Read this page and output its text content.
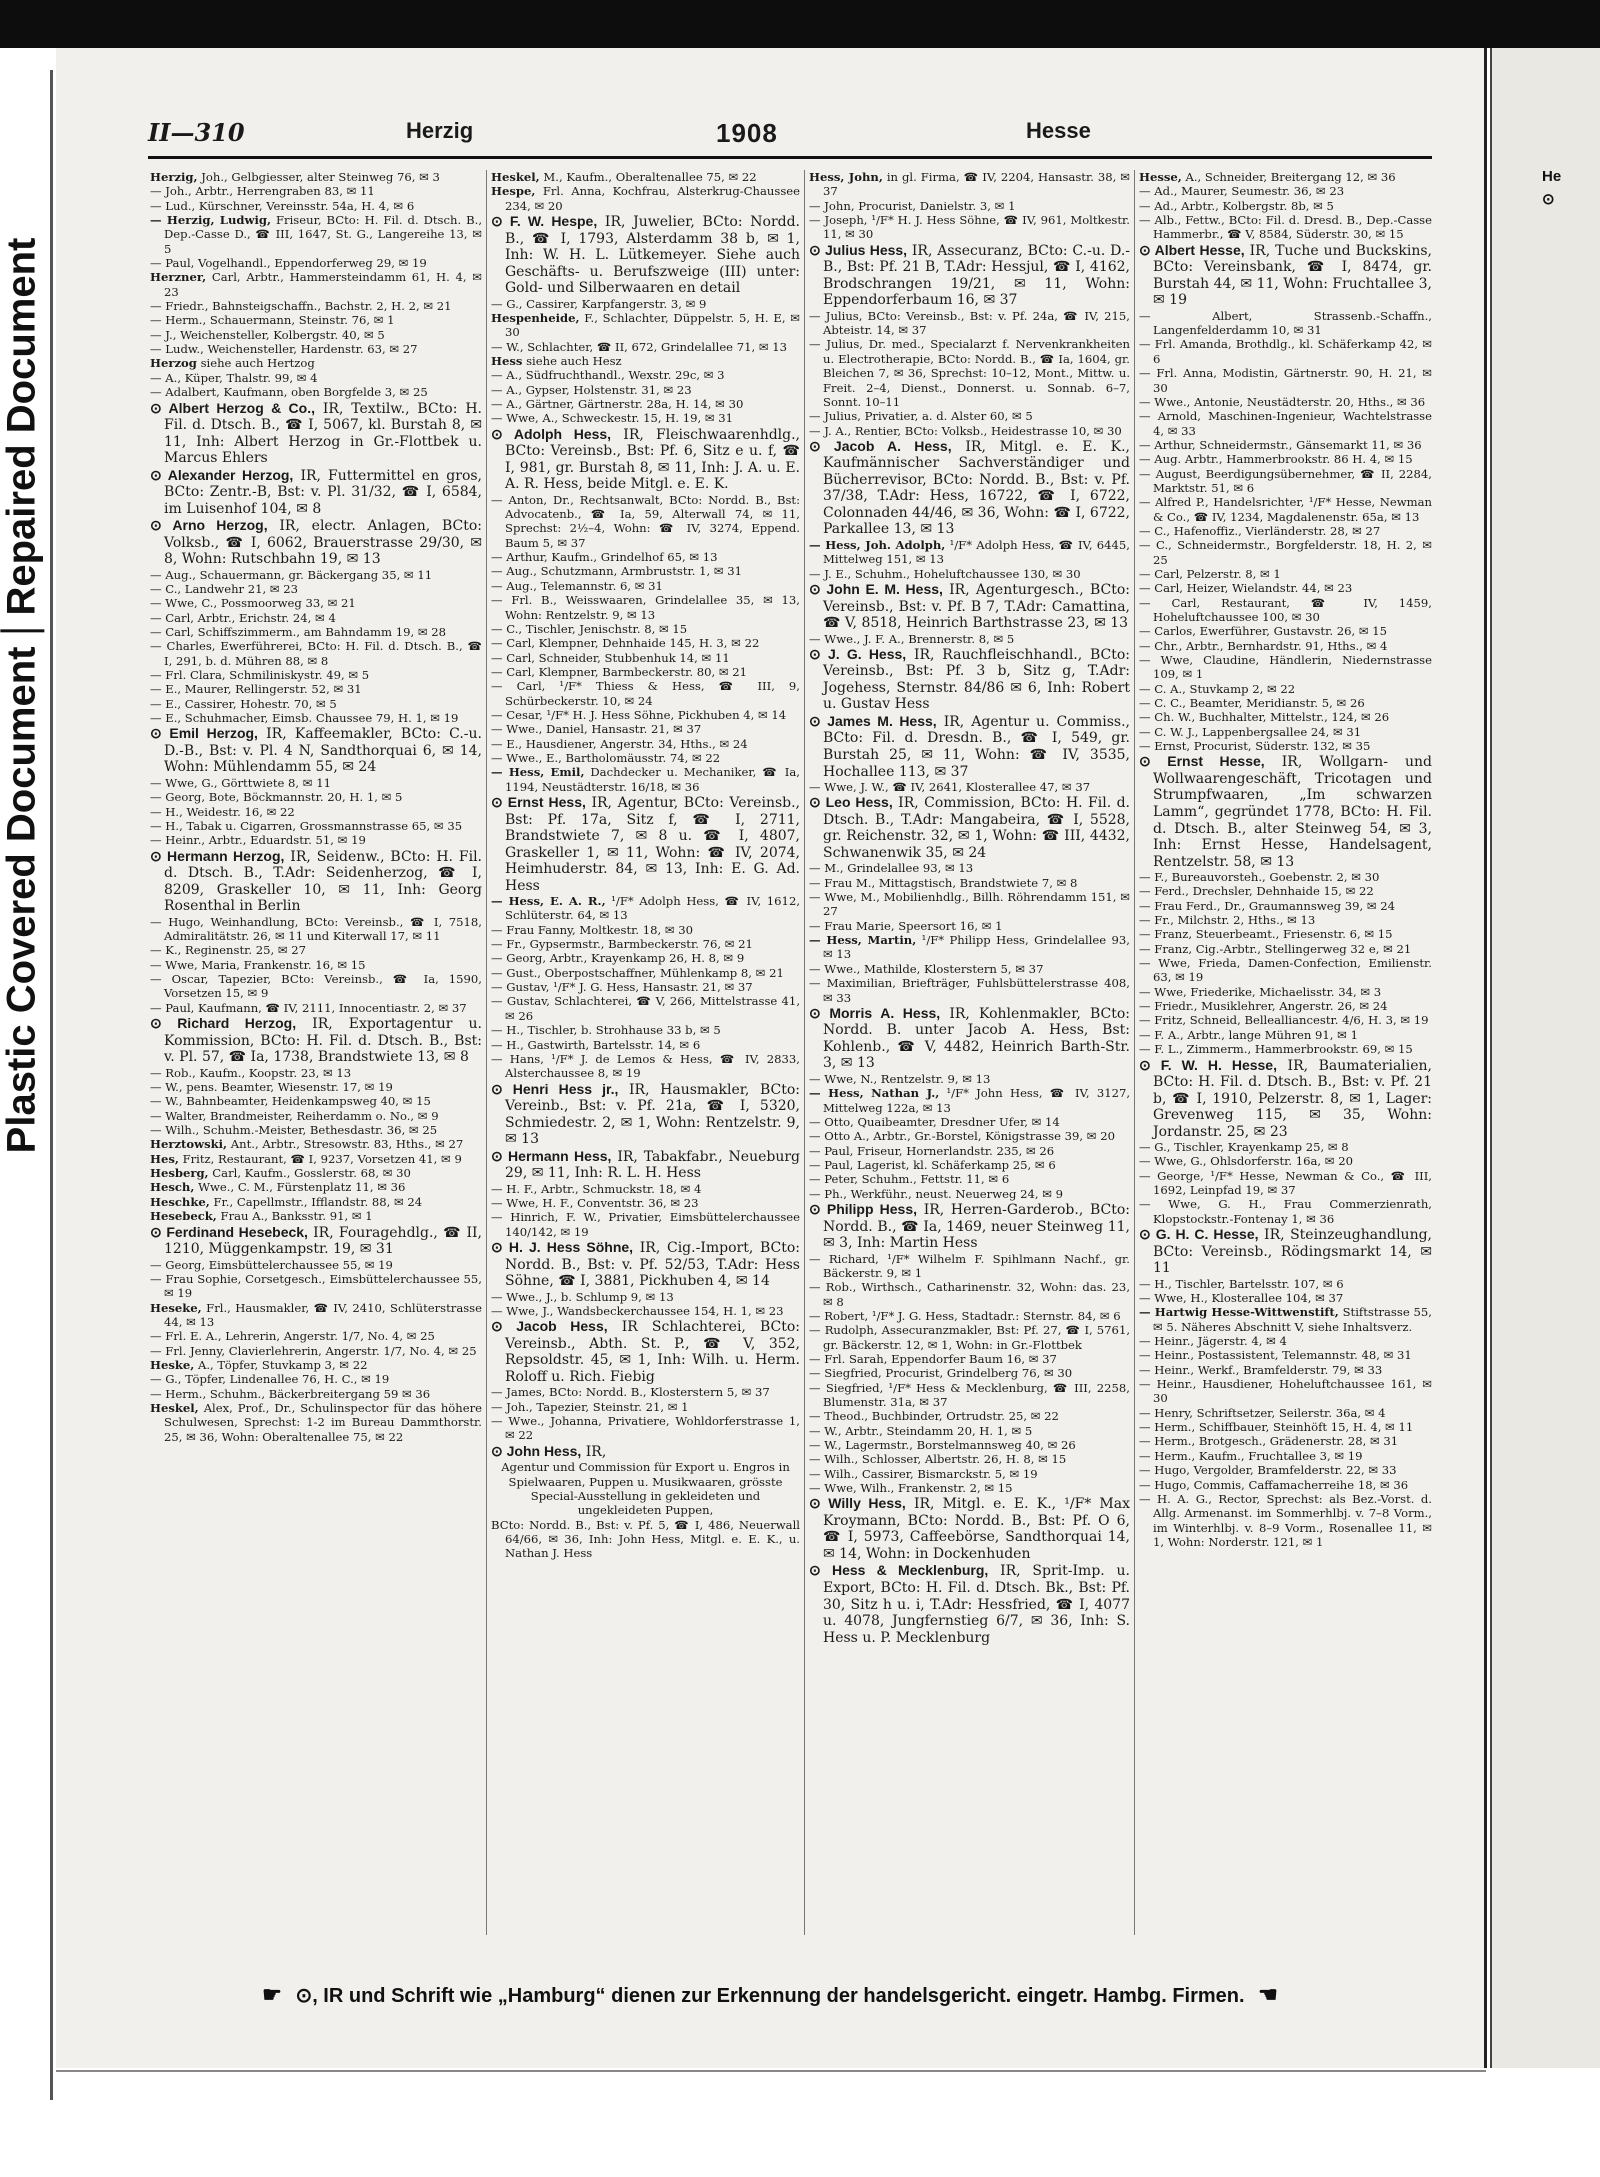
Plastic Covered Document
Repaired Document
II—310	Herzig	1908	Hesse

Herzig, Joh., Gelbgiesser, alter Steinweg 76, ✉ 3

— Joh., Arbtr., Herrengraben 83, ✉ 11

— Lud., Kürschner, Vereinsstr. 54a, H. 4, ✉ 6

— Herzig, Ludwig, Friseur, BCto: H. Fil. d. Dtsch. B., Dep.-Casse D., ☎ III, 1647, St. G., Langereihe 13, ✉ 5

— Paul, Vogelhandl., Eppendorferweg 29, ✉ 19

Herzner, Carl, Arbtr., Hammersteindamm 61, H. 4, ✉ 23

— Friedr., Bahnsteigschaffn., Bachstr. 2, H. 2, ✉ 21

— Herm., Schauermann, Steinstr. 76, ✉ 1

— J., Weichensteller, Kolbergstr. 40, ✉ 5

— Ludw., Weichensteller, Hardenstr. 63, ✉ 27

Herzog siehe auch Hertzog

— A., Küper, Thalstr. 99, ✉ 4

— Adalbert, Kaufmann, oben Borgfelde 3, ✉ 25

⊙ Albert Herzog & Co., IR, Textilw., BCto: H. Fil. d. Dtsch. B., ☎ I, 5067, kl. Burstah 8, ✉ 11, Inh: Albert Herzog in Gr.-Flottbek u. Marcus Ehlers

⊙ Alexander Herzog, IR, Futtermittel en gros, BCto: Zentr.-B, Bst: v. Pl. 31/32, ☎ I, 6584, im Luisenhof 104, ✉ 8

⊙ Arno Herzog, IR, electr. Anlagen, BCto: Volksb., ☎ I, 6062, Brauerstrasse 29/30, ✉ 8, Wohn: Rutschbahn 19, ✉ 13

— Aug., Schauermann, gr. Bäckergang 35, ✉ 11

— C., Landwehr 21, ✉ 23

— Wwe, C., Possmoorweg 33, ✉ 21

— Carl, Arbtr., Erichstr. 24, ✉ 4

— Carl, Schiffszimmerm., am Bahndamm 19, ✉ 28

— Charles, Ewerführerei, BCto: H. Fil. d. Dtsch. B., ☎ I, 291, b. d. Mühren 88, ✉ 8

— Frl. Clara, Schmiliniskystr. 49, ✉ 5

— E., Maurer, Rellingerstr. 52, ✉ 31

— E., Cassirer, Hohestr. 70, ✉ 5

— E., Schuhmacher, Eimsb. Chaussee 79, H. 1, ✉ 19

⊙ Emil Herzog, IR, Kaffeemakler, BCto: C.-u. D.-B., Bst: v. Pl. 4 N, Sandthorquai 6, ✉ 14, Wohn: Mühlendamm 55, ✉ 24

— Wwe, G., Görttwiete 8, ✉ 11

— Georg, Bote, Böckmannstr. 20, H. 1, ✉ 5

— H., Weidestr. 16, ✉ 22

— H., Tabak u. Cigarren, Grossmannstrasse 65, ✉ 35

— Heinr., Arbtr., Eduardstr. 51, ✉ 19

⊙ Hermann Herzog, IR, Seidenw., BCto: H. Fil. d. Dtsch. B., T.Adr: Seidenherzog, ☎ I, 8209, Graskeller 10, ✉ 11, Inh: Georg Rosenthal in Berlin

— Hugo, Weinhandlung, BCto: Vereinsb., ☎ I, 7518, Admiralitätstr. 26, ✉ 11 und Kiterwall 17, ✉ 11

— K., Reginenstr. 25, ✉ 27

— Wwe, Maria, Frankenstr. 16, ✉ 15

— Oscar, Tapezier, BCto: Vereinsb., ☎ Ia, 1590, Vorsetzen 15, ✉ 9

— Paul, Kaufmann, ☎ IV, 2111, Innocentiastr. 2, ✉ 37

⊙ Richard Herzog, IR, Exportagentur u. Kommission, BCto: H. Fil. d. Dtsch. B., Bst: v. Pl. 57, ☎ Ia, 1738, Brandstwiete 13, ✉ 8

— Rob., Kaufm., Koopstr. 23, ✉ 13

— W., pens. Beamter, Wiesenstr. 17, ✉ 19

— W., Bahnbeamter, Heidenkampsweg 40, ✉ 15

— Walter, Brandmeister, Reiherdamm o. No., ✉ 9

— Wilh., Schuhm.-Meister, Bethesdastr. 36, ✉ 25

Herztowski, Ant., Arbtr., Stresowstr. 83, Hths., ✉ 27

Hes, Fritz, Restaurant, ☎ I, 9237, Vorsetzen 41, ✉ 9

Hesberg, Carl, Kaufm., Gosslerstr. 68, ✉ 30

Hesch, Wwe., C. M., Fürstenplatz 11, ✉ 36

Heschke, Fr., Capellmstr., Ifflandstr. 88, ✉ 24

Hesebeck, Frau A., Banksstr. 91, ✉ 1

⊙ Ferdinand Hesebeck, IR, Fouragehdlg., ☎ II, 1210, Müggenkampstr. 19, ✉ 31

— Georg, Eimsbüttelerchaussee 55, ✉ 19

— Frau Sophie, Corsetgesch., Eimsbüttelerchaussee 55, ✉ 19

Heseke, Frl., Hausmakler, ☎ IV, 2410, Schlüterstrasse 44, ✉ 13

— Frl. E. A., Lehrerin, Angerstr. 1/7, No. 4, ✉ 25

— Frl. Jenny, Clavierlehrerin, Angerstr. 1/7, No. 4, ✉ 25

Heske, A., Töpfer, Stuvkamp 3, ✉ 22

— G., Töpfer, Lindenallee 76, H. C., ✉ 19

— Herm., Schuhm., Bäckerbreitergang 59 ✉ 36

Heskel, Alex, Prof., Dr., Schulinspector für das höhere Schulwesen, Sprechst: 1-2 im Bureau Dammthorstr. 25, ✉ 36, Wohn: Oberaltenallee 75, ✉ 22

Heskel, M., Kaufm., Oberaltenallee 75, ✉ 22

Hespe, Frl. Anna, Kochfrau, Alsterkrug-Chaussee 234, ✉ 20

⊙ F. W. Hespe, IR, Juwelier, BCto: Nordd. B., ☎ I, 1793, Alsterdamm 38 b, ✉ 1, Inh: W. H. L. Lütkemeyer. Siehe auch Geschäfts- u. Berufszweige (III) unter: Gold- und Silberwaaren en detail

— G., Cassirer, Karpfangerstr. 3, ✉ 9

Hespenheide, F., Schlachter, Düppelstr. 5, H. E, ✉ 30

— W., Schlachter, ☎ II, 672, Grindelallee 71, ✉ 13

Hess siehe auch Hesz

— A., Südfruchthandl., Wexstr. 29c, ✉ 3

— A., Gypser, Holstenstr. 31, ✉ 23

— A., Gärtner, Gärtnerstr. 28a, H. 14, ✉ 30

— Wwe, A., Schweckestr. 15, H. 19, ✉ 31

⊙ Adolph Hess, IR, Fleischwaarenhdlg., BCto: Vereinsb., Bst: Pf. 6, Sitz e u. f, ☎ I, 981, gr. Burstah 8, ✉ 11, Inh: J. A. u. E. A. R. Hess, beide Mitgl. e. E. K.

— Anton, Dr., Rechtsanwalt, BCto: Nordd. B., Bst: Advocatenb., ☎ Ia, 59, Alterwall 74, ✉ 11, Sprechst: 2½–4, Wohn: ☎ IV, 3274, Eppend. Baum 5, ✉ 37

— Arthur, Kaufm., Grindelhof 65, ✉ 13

— Aug., Schutzmann, Armbruststr. 1, ✉ 31

— Aug., Telemannstr. 6, ✉ 31

— Frl. B., Weisswaaren, Grindelallee 35, ✉ 13, Wohn: Rentzelstr. 9, ✉ 13

— C., Tischler, Jenischstr. 8, ✉ 15

— Carl, Klempner, Dehnhaide 145, H. 3, ✉ 22

— Carl, Schneider, Stubbenhuk 14, ✉ 11

— Carl, Klempner, Barmbeckerstr. 80, ✉ 21

— Carl, ¹/F* Thiess & Hess, ☎ III, 9, Schürbeckerstr. 10, ✉ 24

— Cesar, ¹/F* H. J. Hess Söhne, Pickhuben 4, ✉ 14

— Wwe., Daniel, Hansastr. 21, ✉ 37

— E., Hausdiener, Angerstr. 34, Hths., ✉ 24

— Wwe., E., Bartholomäusstr. 74, ✉ 22

— Hess, Emil, Dachdecker u. Mechaniker, ☎ Ia, 1194, Neustädterstr. 16/18, ✉ 36

⊙ Ernst Hess, IR, Agentur, BCto: Vereinsb., Bst: Pf. 17a, Sitz f, ☎ I, 2711, Brandstwiete 7, ✉ 8 u. ☎ I, 4807, Graskeller 1, ✉ 11, Wohn: ☎ IV, 2074, Heimhuderstr. 84, ✉ 13, Inh: E. G. Ad. Hess

— Hess, E. A. R., ¹/F* Adolph Hess, ☎ IV, 1612, Schlüterstr. 64, ✉ 13

— Frau Fanny, Moltkestr. 18, ✉ 30

— Fr., Gypsermstr., Barmbeckerstr. 76, ✉ 21

— Georg, Arbtr., Krayenkamp 26, H. 8, ✉ 9

— Gust., Oberpostschaffner, Mühlenkamp 8, ✉ 21

— Gustav, ¹/F* J. G. Hess, Hansastr. 21, ✉ 37

— Gustav, Schlachterei, ☎ V, 266, Mittelstrasse 41, ✉ 26

— H., Tischler, b. Strohhause 33 b, ✉ 5

— H., Gastwirth, Bartelsstr. 14, ✉ 6

— Hans, ¹/F* J. de Lemos & Hess, ☎ IV, 2833, Alsterchaussee 8, ✉ 19

⊙ Henri Hess jr., IR, Hausmakler, BCto: Vereinb., Bst: v. Pf. 21a, ☎ I, 5320, Schmiedestr. 2, ✉ 1, Wohn: Rentzelstr. 9, ✉ 13

⊙ Hermann Hess, IR, Tabakfabr., Neueburg 29, ✉ 11, Inh: R. L. H. Hess

— H. F., Arbtr., Schmuckstr. 18, ✉ 4

— Wwe, H. F., Conventstr. 36, ✉ 23

— Hinrich, F. W., Privatier, Eimsbüttelerchaussee 140/142, ✉ 19

⊙ H. J. Hess Söhne, IR, Cig.-Import, BCto: Nordd. B., Bst: v. Pf. 52/53, T.Adr: Hess Söhne, ☎ I, 3881, Pickhuben 4, ✉ 14

— Wwe., J., b. Schlump 9, ✉ 13

— Wwe, J., Wandsbeckerchaussee 154, H. 1, ✉ 23

⊙ Jacob Hess, IR Schlachterei, BCto: Vereinsb., Abth. St. P., ☎ V, 352, Repsoldstr. 45, ✉ 1, Inh: Wilh. u. Herm. Roloff u. Rich. Fiebig

— James, BCto: Nordd. B., Klosterstern 5, ✉ 37

— Joh., Tapezier, Steinstr. 21, ✉ 1

— Wwe., Johanna, Privatiere, Wohldorferstrasse 1, ✉ 22

⊙ John Hess, IR,

Agentur und Commission für Export u. Engros in Spielwaaren, Puppen u. Musikwaaren, grösste Special-Ausstellung in gekleideten und ungekleideten Puppen,

BCto: Nordd. B., Bst: v. Pf. 5, ☎ I, 486, Neuerwall 64/66, ✉ 36, Inh: John Hess, Mitgl. e. E. K., u. Nathan J. Hess

Hess, John, in gl. Firma, ☎ IV, 2204, Hansastr. 38, ✉ 37

— John, Procurist, Danielstr. 3, ✉ 1

— Joseph, ¹/F* H. J. Hess Söhne, ☎ IV, 961, Moltkestr. 11, ✉ 30

⊙ Julius Hess, IR, Assecuranz, BCto: C.-u. D.-B., Bst: Pf. 21 B, T.Adr: Hessjul, ☎ I, 4162, Brodschrangen 19/21, ✉ 11, Wohn: Eppendorferbaum 16, ✉ 37

— Julius, BCto: Vereinsb., Bst: v. Pf. 24a, ☎ IV, 215, Abteistr. 14, ✉ 37

— Julius, Dr. med., Specialarzt f. Nervenkrankheiten u. Electrotherapie, BCto: Nordd. B., ☎ Ia, 1604, gr. Bleichen 7, ✉ 36, Sprechst: 10–12, Mont., Mittw. u. Freit. 2–4, Dienst., Donnerst. u. Sonnab. 6–7, Sonnt. 10–11

— Julius, Privatier, a. d. Alster 60, ✉ 5

— J. A., Rentier, BCto: Volksb., Heidestrasse 10, ✉ 30

⊙ Jacob A. Hess, IR, Mitgl. e. E. K., Kaufmännischer Sachverständiger und Bücherrevisor, BCto: Nordd. B., Bst: v. Pf. 37/38, T.Adr: Hess, 16722, ☎ I, 6722, Colonnaden 44/46, ✉ 36, Wohn: ☎ I, 6722, Parkallee 13, ✉ 13

— Hess, Joh. Adolph, ¹/F* Adolph Hess, ☎ IV, 6445, Mittelweg 151, ✉ 13

— J. E., Schuhm., Hoheluftchaussee 130, ✉ 30

⊙ John E. M. Hess, IR, Agenturgesch., BCto: Vereinsb., Bst: v. Pf. B 7, T.Adr: Camattina, ☎ V, 8518, Heinrich Barthstrasse 23, ✉ 13

— Wwe., J. F. A., Brennerstr. 8, ✉ 5

⊙ J. G. Hess, IR, Rauchfleischhandl., BCto: Vereinsb., Bst: Pf. 3 b, Sitz g, T.Adr: Jogehess, Sternstr. 84/86 ✉ 6, Inh: Robert u. Gustav Hess

⊙ James M. Hess, IR, Agentur u. Commiss., BCto: Fil. d. Dresdn. B., ☎ I, 549, gr. Burstah 25, ✉ 11, Wohn: ☎ IV, 3535, Hochallee 113, ✉ 37

— Wwe, J. W., ☎ IV, 2641, Klosterallee 47, ✉ 37

⊙ Leo Hess, IR, Commission, BCto: H. Fil. d. Dtsch. B., T.Adr: Mangabeira, ☎ I, 5528, gr. Reichenstr. 32, ✉ 1, Wohn: ☎ III, 4432, Schwanenwik 35, ✉ 24

— M., Grindelallee 93, ✉ 13

— Frau M., Mittagstisch, Brandstwiete 7, ✉ 8

— Wwe, M., Mobilienhdlg., Billh. Röhrendamm 151, ✉ 27

— Frau Marie, Speersort 16, ✉ 1

— Hess, Martin, ¹/F* Philipp Hess, Grindelallee 93, ✉ 13

— Wwe., Mathilde, Klosterstern 5, ✉ 37

— Maximilian, Briefträger, Fuhlsbüttelerstrasse 408, ✉ 33

⊙ Morris A. Hess, IR, Kohlenmakler, BCto: Nordd. B. unter Jacob A. Hess, Bst: Kohlenb., ☎ V, 4482, Heinrich Barth-Str. 3, ✉ 13

— Wwe, N., Rentzelstr. 9, ✉ 13

— Hess, Nathan J., ¹/F* John Hess, ☎ IV, 3127, Mittelweg 122a, ✉ 13

— Otto, Quaibeamter, Dresdner Ufer, ✉ 14

— Otto A., Arbtr., Gr.-Borstel, Königstrasse 39, ✉ 20

— Paul, Friseur, Hornerlandstr. 235, ✉ 26

— Paul, Lagerist, kl. Schäferkamp 25, ✉ 6

— Peter, Schuhm., Fettstr. 11, ✉ 6

— Ph., Werkführ., neust. Neuerweg 24, ✉ 9

⊙ Philipp Hess, IR, Herren-Garderob., BCto: Nordd. B., ☎ Ia, 1469, neuer Steinweg 11, ✉ 3, Inh: Martin Hess

— Richard, ¹/F* Wilhelm F. Spihlmann Nachf., gr. Bäckerstr. 9, ✉ 1

— Rob., Wirthsch., Catharinenstr. 32, Wohn: das. 23, ✉ 8

— Robert, ¹/F* J. G. Hess, Stadtadr.: Sternstr. 84, ✉ 6

— Rudolph, Assecuranzmakler, Bst: Pf. 27, ☎ I, 5761, gr. Bäckerstr. 12, ✉ 1, Wohn: in Gr.-Flottbek

— Frl. Sarah, Eppendorfer Baum 16, ✉ 37

— Siegfried, Procurist, Grindelberg 76, ✉ 30

— Siegfried, ¹/F* Hess & Mecklenburg, ☎ III, 2258, Blumenstr. 31a, ✉ 37

— Theod., Buchbinder, Ortrudstr. 25, ✉ 22

— W., Arbtr., Steindamm 20, H. 1, ✉ 5

— W., Lagermstr., Borstelmannsweg 40, ✉ 26

— Wilh., Schlosser, Albertstr. 26, H. 8, ✉ 15

— Wilh., Cassirer, Bismarckstr. 5, ✉ 19

— Wwe, Wilh., Frankenstr. 2, ✉ 15

⊙ Willy Hess, IR, Mitgl. e. E. K., ¹/F* Max Kroymann, BCto: Nordd. B., Bst: Pf. O 6, ☎ I, 5973, Caffeebörse, Sandthorquai 14, ✉ 14, Wohn: in Dockenhuden

⊙ Hess & Mecklenburg, IR, Sprit-Imp. u. Export, BCto: H. Fil. d. Dtsch. Bk., Bst: Pf. 30, Sitz h u. i, T.Adr: Hessfried, ☎ I, 4077 u. 4078, Jungfernstieg 6/7, ✉ 36, Inh: S. Hess u. P. Mecklenburg

Hesse, A., Schneider, Breitergang 12, ✉ 36

— Ad., Maurer, Seumestr. 36, ✉ 23

— Ad., Arbtr., Kolbergstr. 8b, ✉ 5

— Alb., Fettw., BCto: Fil. d. Dresd. B., Dep.-Casse Hammerbr., ☎ V, 8584, Süderstr. 30, ✉ 15

⊙ Albert Hesse, IR, Tuche und Buckskins, BCto: Vereinsbank, ☎ I, 8474, gr. Burstah 44, ✉ 11, Wohn: Fruchtallee 3, ✉ 19

— Albert, Strassenb.-Schaffn., Langenfelderdamm 10, ✉ 31

— Frl. Amanda, Brothdlg., kl. Schäferkamp 42, ✉ 6

— Frl. Anna, Modistin, Gärtnerstr. 90, H. 21, ✉ 30

— Wwe., Antonie, Neustädterstr. 20, Hths., ✉ 36

— Arnold, Maschinen-Ingenieur, Wachtelstrasse 4, ✉ 33

— Arthur, Schneidermstr., Gänsemarkt 11, ✉ 36

— Aug. Arbtr., Hammerbrookstr. 86 H. 4, ✉ 15

— August, Beerdigungsübernehmer, ☎ II, 2284, Marktstr. 51, ✉ 6

— Alfred P., Handelsrichter, ¹/F* Hesse, Newman & Co., ☎ IV, 1234, Magdalenenstr. 65a, ✉ 13

— C., Hafenoffiz., Vierländerstr. 28, ✉ 27

— C., Schneidermstr., Borgfelderstr. 18, H. 2, ✉ 25

— Carl, Pelzerstr. 8, ✉ 1

— Carl, Heizer, Wielandstr. 44, ✉ 23

— Carl, Restaurant, ☎ IV, 1459, Hoheluftchaussee 100, ✉ 30

— Carlos, Ewerführer, Gustavstr. 26, ✉ 15

— Chr., Arbtr., Bernhardstr. 91, Hths., ✉ 4

— Wwe, Claudine, Händlerin, Niedernstrasse 109, ✉ 1

— C. A., Stuvkamp 2, ✉ 22

— C. C., Beamter, Meridianstr. 5, ✉ 26

— Ch. W., Buchhalter, Mittelstr., 124, ✉ 26

— C. W. J., Lappenbergsallee 24, ✉ 31

— Ernst, Procurist, Süderstr. 132, ✉ 35

⊙ Ernst Hesse, IR, Wollgarn- und Wollwaarengeschäft, Tricotagen und Strumpfwaaren, „Im schwarzen Lamm“, gegründet 1778, BCto: H. Fil. d. Dtsch. B., alter Steinweg 54, ✉ 3, Inh: Ernst Hesse, Handelsagent, Rentzelstr. 58, ✉ 13

— F., Bureauvorsteh., Goebenstr. 2, ✉ 30

— Ferd., Drechsler, Dehnhaide 15, ✉ 22

— Frau Ferd., Dr., Graumannsweg 39, ✉ 24

— Fr., Milchstr. 2, Hths., ✉ 13

— Franz, Steuerbeamt., Friesenstr. 6, ✉ 15

— Franz, Cig.-Arbtr., Stellingerweg 32 e, ✉ 21

— Wwe, Frieda, Damen-Confection, Emilienstr. 63, ✉ 19

— Wwe, Friederike, Michaelisstr. 34, ✉ 3

— Friedr., Musiklehrer, Angerstr. 26, ✉ 24

— Fritz, Schneid, Bellealliancestr. 4/6, H. 3, ✉ 19

— F. A., Arbtr., lange Mühren 91, ✉ 1

— F. L., Zimmerm., Hammerbrookstr. 69, ✉ 15

⊙ F. W. H. Hesse, IR, Baumaterialien, BCto: H. Fil. d. Dtsch. B., Bst: v. Pf. 21 b, ☎ I, 1910, Pelzerstr. 8, ✉ 1, Lager: Grevenweg 115, ✉ 35, Wohn: Jordanstr. 25, ✉ 23

— G., Tischler, Krayenkamp 25, ✉ 8

— Wwe, G., Ohlsdorferstr. 16a, ✉ 20

— George, ¹/F* Hesse, Newman & Co., ☎ III, 1692, Leinpfad 19, ✉ 37

— Wwe, G. H., Frau Commerzienrath, Klopstockstr.-Fontenay 1, ✉ 36

⊙ G. H. C. Hesse, IR, Steinzeughandlung, BCto: Vereinsb., Rödingsmarkt 14, ✉ 11

— H., Tischler, Bartelsstr. 107, ✉ 6

— Wwe, H., Klosterallee 104, ✉ 37

— Hartwig Hesse-Wittwenstift, Stiftstrasse 55, ✉ 5. Näheres Abschnitt V, siehe Inhaltsverz.

— Heinr., Jägerstr. 4, ✉ 4

— Heinr., Postassistent, Telemannstr. 48, ✉ 31

— Heinr., Werkf., Bramfelderstr. 79, ✉ 33

— Heinr., Hausdiener, Hoheluftchaussee 161, ✉ 30

— Henry, Schriftsetzer, Seilerstr. 36a, ✉ 4

— Herm., Schiffbauer, Steinhöft 15, H. 4, ✉ 11

— Herm., Brotgesch., Grädenerstr. 28, ✉ 31

— Herm., Kaufm., Fruchtallee 3, ✉ 19

— Hugo, Vergolder, Bramfelderstr. 22, ✉ 33

— Hugo, Commis, Caffamacherreihe 18, ✉ 36

— H. A. G., Rector, Sprechst: als Bez.-Vorst. d. Allg. Armenanst. im Sommerhlbj. v. 7–8 Vorm., im Winterhlbj. v. 8–9 Vorm., Rosenallee 11, ✉ 1, Wohn: Norderstr. 121, ✉ 1

☛ ⊙, IR und Schrift wie „Hamburg“ dienen zur Erkennung der handelsgericht. eingetr. Hambg. Firmen. ☚
He
⊙
